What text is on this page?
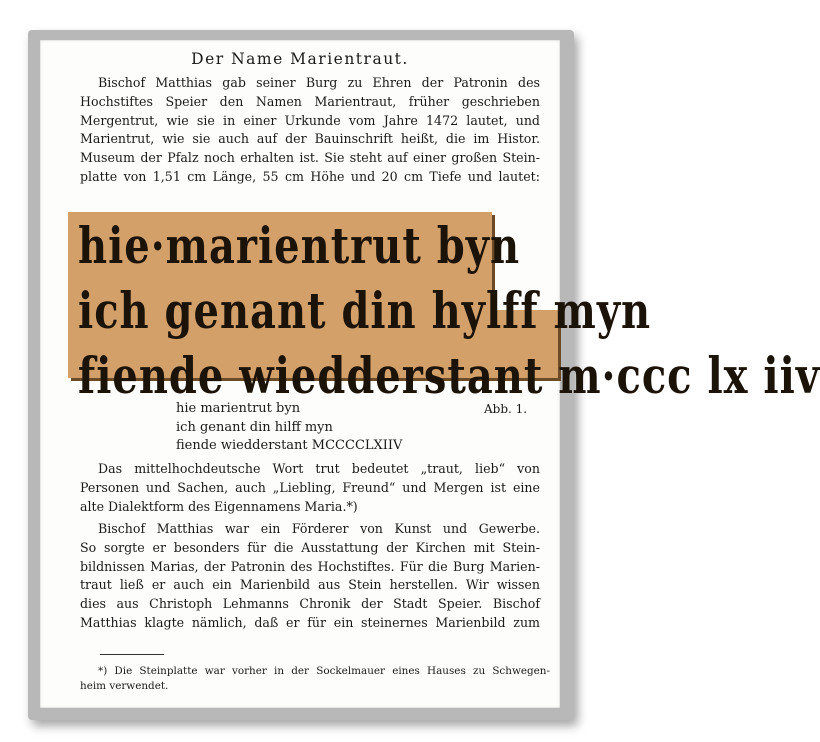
Der Name Marientraut.
Bischof Matthias gab seiner Burg zu Ehren der Patronin des
Hochstiftes Speier den Namen Marientraut, früher geschrieben
Mergentrut, wie sie in einer Urkunde vom Jahre 1472 lautet, und
Marientrut, wie sie auch auf der Bauinschrift heißt, die im Histor.
Museum der Pfalz noch erhalten ist. Sie steht auf einer großen Stein-
platte von 1,51 cm Länge, 55 cm Höhe und 20 cm Tiefe und lautet:
hie·marientrut byn
ich genant din hylff myn
fiende wiedderstant m·ccc lx iiv
hie marientrut byn
ich genant din hilff myn
fiende wiedderstant MCCCCLXIIV
Abb. 1.
Das mittelhochdeutsche Wort trut bedeutet „traut, lieb“ von
Personen und Sachen, auch „Liebling, Freund“ und Mergen ist eine
alte Dialektform des Eigennamens Maria.*)
Bischof Matthias war ein Förderer von Kunst und Gewerbe.
So sorgte er besonders für die Ausstattung der Kirchen mit Stein-
bildnissen Marias, der Patronin des Hochstiftes. Für die Burg Marien-
traut ließ er auch ein Marienbild aus Stein herstellen. Wir wissen
dies aus Christoph Lehmanns Chronik der Stadt Speier. Bischof
Matthias klagte nämlich, daß er für ein steinernes Marienbild zum
*) Die Steinplatte war vorher in der Sockelmauer eines Hauses zu Schwegen-
heim verwendet.
